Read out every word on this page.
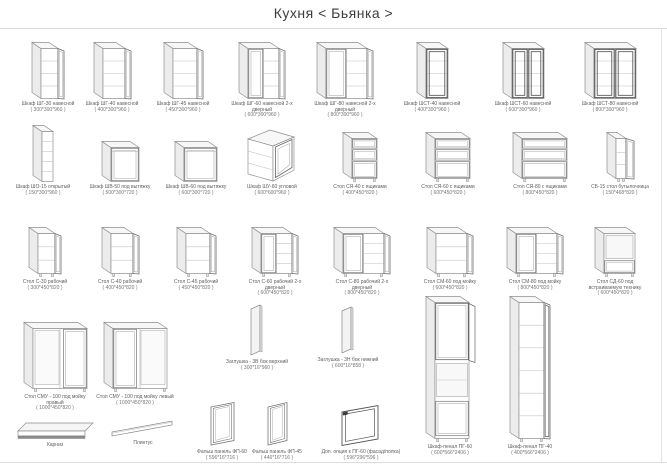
Кухня < Бьянка >
Шкаф ШГ-30 навесной
( 300*300*960 )
Шкаф ШГ-40 навесной
( 400*300*960 )
Шкаф ШГ-45 навесной
( 450*300*960 )
Шкаф ШГ-60 навесной 2-х дверный
( 600*300*960 )
Шкаф ШГ-80 навесной 2-х дверный
( 800*300*960 )
Шкаф ШСТ-40 навесной
( 400*300*960 )
Шкаф ШСТ-60 навесной
( 600*300*960 )
Шкаф ШСТ-80 навесной
( 800*300*960 )
Шкаф ШО-15 открытый
( 150*300*960 )
Шкаф ШВ-50 под вытяжку
( 500*300*720 )
Шкаф ШВ-60 под вытяжку
( 600*300*720 )
Шкаф ШУ-60 угловой
( 600*600*960 )
Стол СЯ-40 с ящиками
( 400*450*820 )
Стол СЯ-60 с ящиками
( 600*450*820 )
Стол СЯ-80 с ящиками
( 800*450*820 )
СБ-15 стол бутылочница
( 150*468*820 )
Стол С-30 рабочий
( 300*450*820 )
Стол С-40 рабочий
( 400*450*820 )
Стол С-45 рабочий
( 450*450*820 )
Стол С-60 рабочий 2-х дверный
( 600*450*820 )
Стол С-80 рабочий 2-х дверный
( 800*450*820 )
Стол СМ-60 под мойку
( 600*450*820 )
Стол СМ-80 под мойку
( 800*450*820 )
Стол СД-60 под встраиваемую технику
( 600*450*820 )
Стол СМУ - 100 под мойку правый
( 1000*450*820 )
Стол СМУ - 100 под мойку левый
( 1000*450*820 )
Заглушка - 3В бок верхний
( 300*16*960 )
Заглушка - 3Н бок нижний
( 600*16*858 )
Шкаф-пенал ПГ-60
( 600*566*2406 )
Шкаф-пенал ПГ-40
( 400*566*2406 )
Карниз	Плинтус
Фальш панель ФП-60
( 596*16*716 )
Фальш панель ФП-45
( 446*16*716 )
Доп. опция к ПГ-60 (фасад/полка)
( 596*296*596 )
